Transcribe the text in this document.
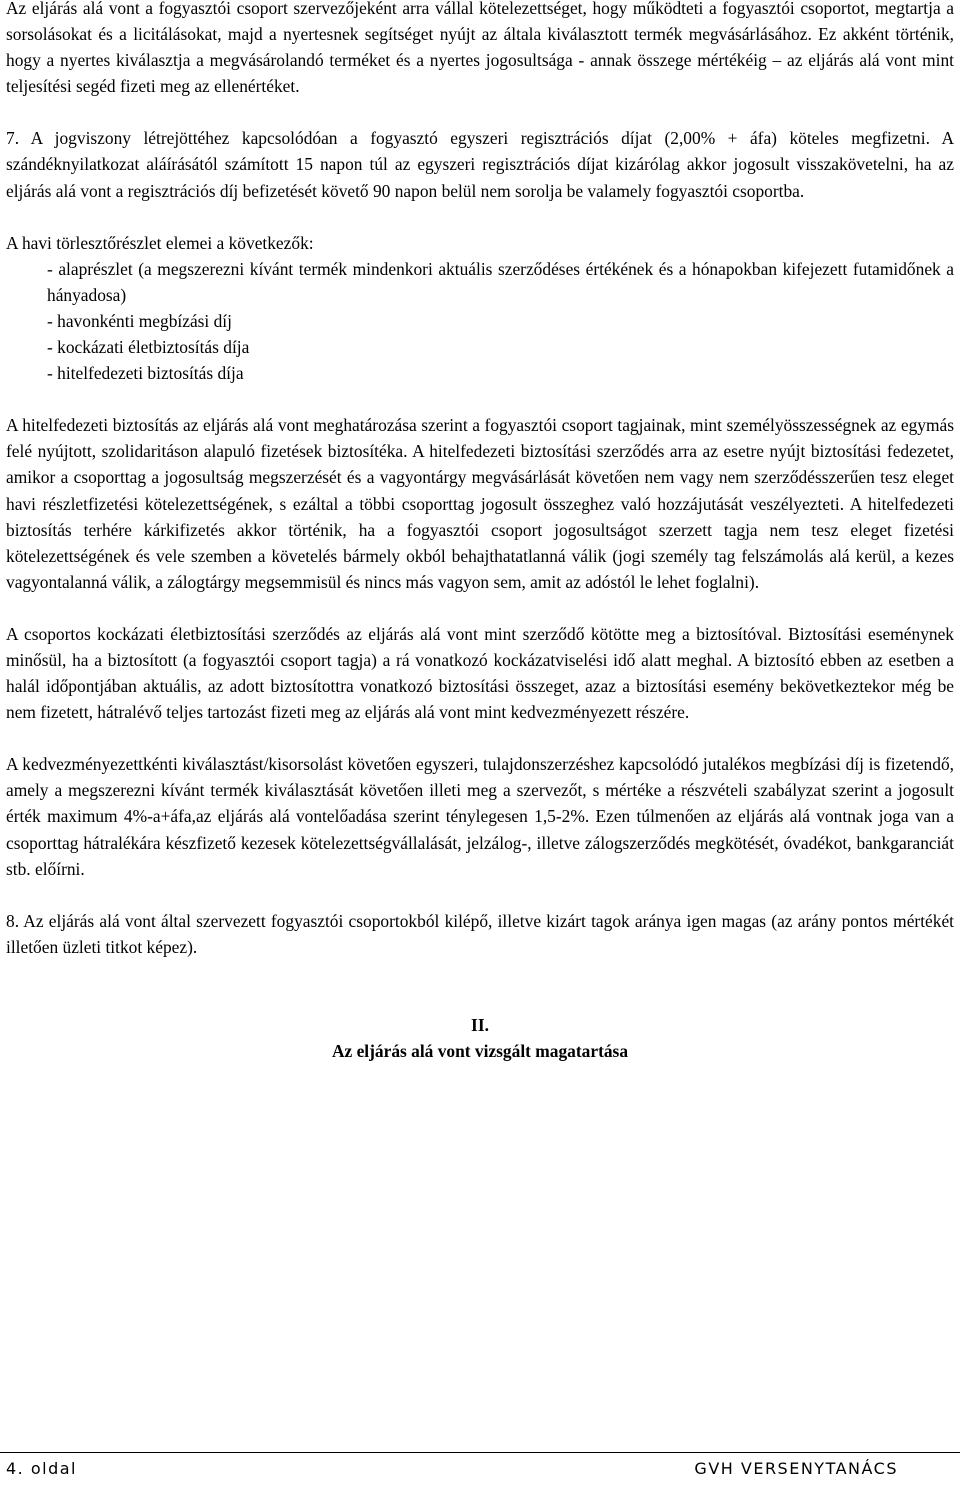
Az eljárás alá vont a fogyasztói csoport szervezőjeként arra vállal kötelezettséget, hogy működteti a fogyasztói csoportot, megtartja a sorsolásokat és a licitálásokat, majd a nyertesnek segítséget nyújt az általa kiválasztott termék megvásárlásához. Ez akként történik, hogy a nyertes kiválasztja a megvásárolandó terméket és a nyertes jogosultsága - annak összege mértékéig – az eljárás alá vont mint teljesítési segéd fizeti meg az ellenértéket.

7. A jogviszony létrejöttéhez kapcsolódóan a fogyasztó egyszeri regisztrációs díjat (2,00% + áfa) köteles megfizetni. A szándéknyilatkozat aláírásától számított 15 napon túl az egyszeri regisztrációs díjat kizárólag akkor jogosult visszakövetelni, ha az eljárás alá vont a regisztrációs díj befizetését követő 90 napon belül nem sorolja be valamely fogyasztói csoportba.

A havi törlesztőrészlet elemei a következők:
- alaprészlet (a megszerezni kívánt termék mindenkori aktuális szerződéses értékének és a hónapokban kifejezett futamidőnek a hányadosa)
- havonkénti megbízási díj
- kockázati életbiztosítás díja
- hitelfedezeti biztosítás díja

A hitelfedezeti biztosítás az eljárás alá vont meghatározása szerint a fogyasztói csoport tagjainak, mint személyösszességnek az egymás felé nyújtott, szolidaritáson alapuló fizetések biztosítéka. A hitelfedezeti biztosítási szerződés arra az esetre nyújt biztosítási fedezetet, amikor a csoporttag a jogosultság megszerzését és a vagyontárgy megvásárlását követően nem vagy nem szerződésszerűen tesz eleget havi részletfizetési kötelezettségének, s ezáltal a többi csoporttag jogosult összeghez való hozzájutását veszélyezteti. A hitelfedezeti biztosítás terhére kárkifizetés akkor történik, ha a fogyasztói csoport jogosultságot szerzett tagja nem tesz eleget fizetési kötelezettségének és vele szemben a követelés bármely okból behajthatatlanná válik (jogi személy tag felszámolás alá kerül, a kezes vagyontalanná válik, a zálogtárgy megsemmisül és nincs más vagyon sem, amit az adóstól le lehet foglalni).

A csoportos kockázati életbiztosítási szerződés az eljárás alá vont mint szerződő kötötte meg a biztosítóval. Biztosítási eseménynek minősül, ha a biztosított (a fogyasztói csoport tagja) a rá vonatkozó kockázatviselési idő alatt meghal. A biztosító ebben az esetben a halál időpontjában aktuális, az adott biztosítottra vonatkozó biztosítási összeget, azaz a biztosítási esemény bekövetkeztekor még be nem fizetett, hátralévő teljes tartozást fizeti meg az eljárás alá vont mint kedvezményezett részére.

A kedvezményezettkénti kiválasztást/kisorsolást követően egyszeri, tulajdonszerzéshez kapcsolódó jutalékos megbízási díj is fizetendő, amely a megszerezni kívánt termék kiválasztását követően illeti meg a szervezőt, s mértéke a részvételi szabályzat szerint a jogosult érték maximum 4%-a+áfa,az eljárás alá vontelőadása szerint ténylegesen 1,5-2%. Ezen túlmenően az eljárás alá vontnak joga van a csoporttag hátralékára készfizető kezesek kötelezettségvállalását, jelzálog-, illetve zálogszerződés megkötését, óvadékot, bankgaranciát stb. előírni.

8. Az eljárás alá vont által szervezett fogyasztói csoportokból kilépő, illetve kizárt tagok aránya igen magas (az arány pontos mértékét illetően üzleti titkot képez).

II.
Az eljárás alá vont vizsgált magatartása
4. oldal	GVH VERSENYTANÁCS
